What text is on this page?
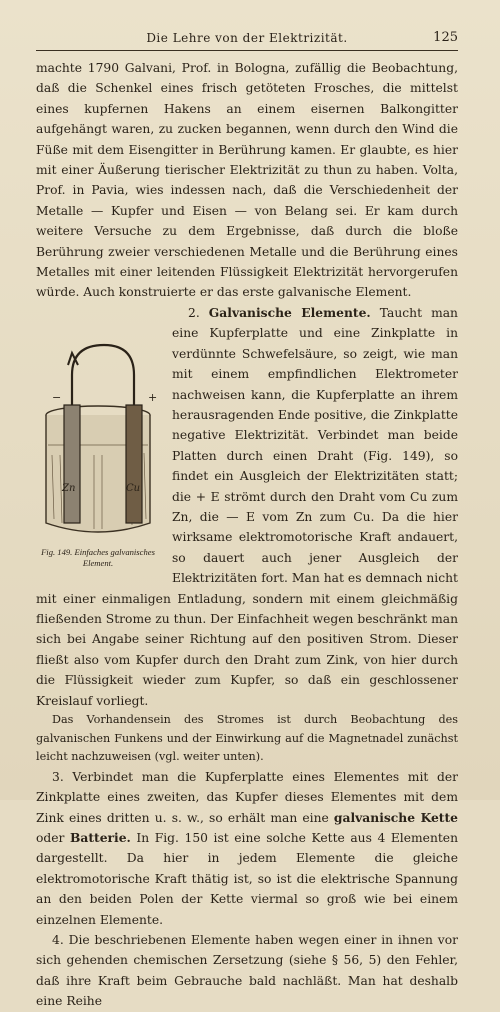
Die Lehre von der Elektrizität.	125

machte 1790 Galvani, Prof. in Bologna, zufällig die Beobachtung, daß die Schenkel eines frisch getöteten Frosches, die mittelst eines kupfernen Hakens an einem eisernen Balkongitter aufgehängt waren, zu zucken begannen, wenn durch den Wind die Füße mit dem Eisengitter in Berührung kamen. Er glaubte, es hier mit einer Äußerung tierischer Elektrizität zu thun zu haben. Volta, Prof. in Pavia, wies indessen nach, daß die Verschiedenheit der Metalle — Kupfer und Eisen — von Belang sei. Er kam durch weitere Versuche zu dem Ergebnisse, daß durch die bloße Berührung zweier verschiedenen Metalle und die Berührung eines Metalles mit einer leitenden Flüssigkeit Elektrizität hervorgerufen würde. Auch konstruierte er das erste galvanische Element.

Zn	Cu
+
−
Fig. 149. Einfaches galvanisches Element.

2. Galvanische Elemente. Taucht man eine Kupferplatte und eine Zinkplatte in verdünnte Schwefelsäure, so zeigt, wie man mit einem empfindlichen Elektrometer nachweisen kann, die Kupferplatte an ihrem herausragenden Ende positive, die Zinkplatte negative Elektrizität. Verbindet man beide Platten durch einen Draht (Fig. 149), so findet ein Ausgleich der Elektrizitäten statt; die + E strömt durch den Draht vom Cu zum Zn, die — E vom Zn zum Cu. Da die hier wirksame elektromotorische Kraft andauert, so dauert auch jener Ausgleich der Elektrizitäten fort. Man hat es demnach nicht mit einer einmaligen Entladung, sondern mit einem gleichmäßig fließenden Strome zu thun. Der Einfachheit wegen beschränkt man sich bei Angabe seiner Richtung auf den positiven Strom. Dieser fließt also vom Kupfer durch den Draht zum Zink, von hier durch die Flüssigkeit wieder zum Kupfer, so daß ein geschlossener Kreislauf vorliegt.

Das Vorhandensein des Stromes ist durch Beobachtung des galvanischen Funkens und der Einwirkung auf die Magnetnadel zunächst leicht nachzuweisen (vgl. weiter unten).

3. Verbindet man die Kupferplatte eines Elementes mit der Zinkplatte eines zweiten, das Kupfer dieses Elementes mit dem Zink eines dritten u. s. w., so erhält man eine galvanische Kette oder Batterie. In Fig. 150 ist eine solche Kette aus 4 Elementen dargestellt. Da hier in jedem Elemente die gleiche elektromotorische Kraft thätig ist, so ist die elektrische Spannung an den beiden Polen der Kette viermal so groß wie bei einem einzelnen Elemente.

4. Die beschriebenen Elemente haben wegen einer in ihnen vor sich gehenden chemischen Zersetzung (siehe § 56, 5) den Fehler, daß ihre Kraft beim Gebrauche bald nachläßt. Man hat deshalb eine Reihe
